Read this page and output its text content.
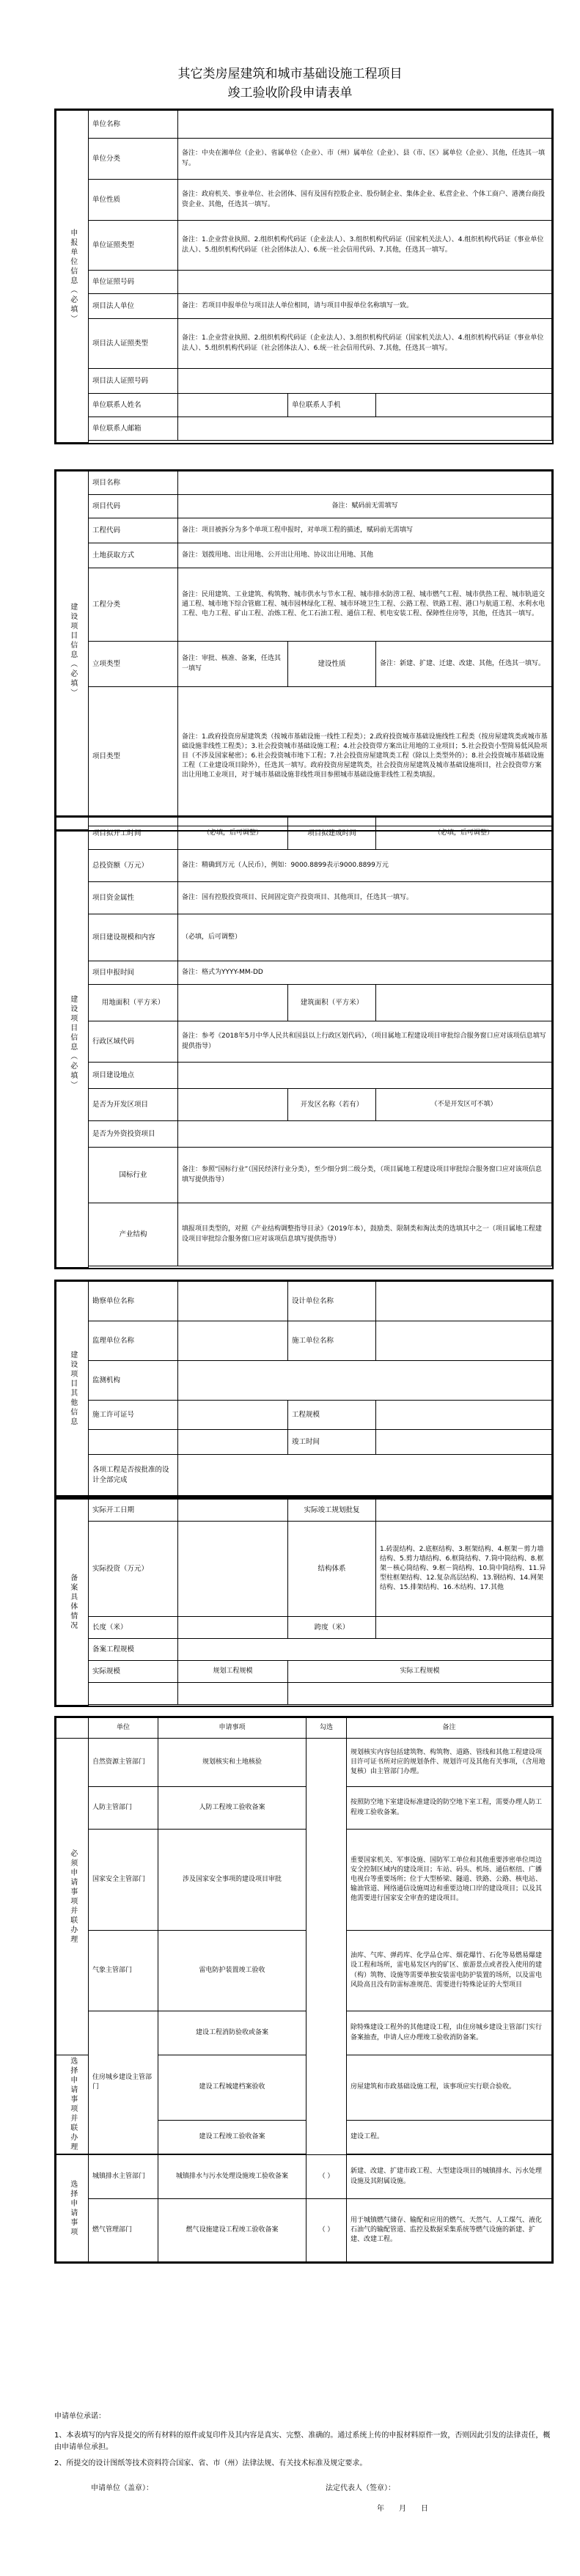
其它类房屋建筑和城市基础设施工程项目
竣工验收阶段申请表单
申报单位信息（必填）	单位名称			
	单位分类	备注：中央在湘单位（企业）、省属单位（企业）、市（州）属单位（企业）、县（市、区）属单位（企业）、其他，任选其一填写。		
	单位性质	备注：政府机关、事业单位、社会团体、国有及国有控股企业、股份制企业、集体企业、私营企业、个体工商户、港澳台商投资企业、其他，任选其一填写。		
	单位证照类型	备注：1.企业营业执照、2.组织机构代码证（企业法人）、3.组织机构代码证（国家机关法人）、4.组织机构代码证（事业单位法人）、5.组织机构代码证（社会团体法人）、6.统一社会信用代码、7.其他，任选其一填写。		
	单位证照号码			
	项目法人单位	备注：若项目申报单位与项目法人单位相同，请与项目申报单位名称填写一致。		
	项目法人证照类型	备注：1.企业营业执照、2.组织机构代码证（企业法人）、3.组织机构代码证（国家机关法人）、4.组织机构代码证（事业单位法人）、5.组织机构代码证（社会团体法人）、6.统一社会信用代码、7.其他，任选其一填写。		
	项目法人证照号码			
	单位联系人姓名		单位联系人手机	
	单位联系人邮箱			

建设项目信息（必填）	项目名称			
	项目代码	备注：赋码前无需填写		
	工程代码	备注：项目被拆分为多个单项工程申报时，对单项工程的描述，赋码前无需填写		
	土地获取方式	备注：划拨用地、出让用地、公开出让用地、协议出让用地、其他		
	工程分类	备注：民用建筑、工业建筑、构筑物、城市供水与节水工程、城市排水防涝工程、城市燃气工程、城市供热工程、城市轨道交通工程、城市地下综合管廊工程、城市园林绿化工程、城市环境卫生工程、公路工程、铁路工程、港口与航道工程、水利水电工程、电力工程、矿山工程、冶炼工程、化工石油工程、通信工程、机电安装工程、保障性住房等，其他，任选其一填写。		
	立项类型	备注：审批、核准、备案，任选其一填写	建设性质	备注：新建、扩建、迁建、改建、其他，任选其一填写。
	项目类型	备注：1.政府投资房屋建筑类（按城市基础设施一线性工程类）；2.政府投资城市基础设施线性工程类（按房屋建筑类或城市基础设施非线性工程类）；3.社会投资城市基础设施工程；4.社会投资带方案出让用地的工业项目；5.社会投资小型简易低风险项目（不涉及国家秘密）；6.社会投资城市地下工程；7.社会投资房屋建筑类工程（除以上类型外的）；8.社会投资城市基础设施工程（工业建设项目除外），任选其一填写。政府投资房屋建筑类，社会投资房屋建筑及城市基础设施项目，社会投资带方案出让用地工业项目，对于城市基础设施非线性项目参照城市基础设施非线性工程类填报。		

建设项目信息（必填）	项目拟开工时间	（必填，后可调整）	项目拟建成时间	（必填，后可调整）
	总投资额（万元）	备注：精确到万元（人民币），例如：9000.8899表示9000.8899万元		
	项目资金属性	备注：国有控股投资项目、民间固定资产投资项目、其他项目，任选其一填写。		
	项目建设规模和内容	（必填，后可调整）		
	项目申报时间	备注：格式为YYYY-MM-DD		
	用地面积（平方米）		建筑面积（平方米）	
	行政区域代码	备注：参考《2018年5月中华人民共和国县以上行政区划代码》，（项目属地工程建设项目审批综合服务窗口应对该项信息填写提供指导）		
	项目建设地点			
	是否为开发区项目		开发区名称（若有）	（不是开发区可不填）
	是否为外资投资项目			
	国标行业	备注：参照“国标行业”（国民经济行业分类），至少细分到二级分类，（项目属地工程建设项目审批综合服务窗口应对该项信息填写提供指导）		
	产业结构	填报项目类型的，对照《产业结构调整指导目录》（2019年本），鼓励类、限制类和淘汰类的选填其中之一（项目属地工程建设项目审批综合服务窗口应对该项信息填写提供指导）		

建设项目其他信息	勘察单位名称		设计单位名称	
	监理单位名称		施工单位名称	
	监测机构			
	施工许可证号		工程规模	
			竣工时间	
	各项工程是否按批准的设计全部完成			
备案具体情况	实际开工日期		实际竣工规划批复	
	实际投资（万元）		结构体系	1.砖混结构、2.底框结构、3.框架结构、4.框架－剪力墙结构、5.剪力墙结构、6.框筒结构、7.筒中筒结构、8.框架－核心筒结构、9.框－筒结构、10.筒中筒结构、11.异型柱框架结构、12.复杂高层结构、13.钢结构、14.网架结构、15.排架结构、16.木结构、17.其他
	长度（米）		跨度（米）	
	备案工程规模			
	实际规模	规划工程规模	实际工程规模	

	单位	申请事项	勾选	备注
必须申请事项并联办理	自然资源主管部门	规划核实和土地核验		规划核实内容包括建筑物、构筑物、道路、管线和其他工程建设项目许可证书所对应的规划条件、规划许可及其他有关事项，（含用地复核）由主管部门办理。
	人防主管部门	人防工程竣工验收备案		按照防空地下室建设标准建设的防空地下室工程，需要办理人防工程竣工验收备案。
	国家安全主管部门	涉及国家安全事项的建设项目审批		重要国家机关、军事设施、国防军工单位和其他重要涉密单位周边安全控制区域内的建设项目；车站、码头、机场、通信枢纽、广播电视台等重要场所；位于大型桥梁、隧道、铁路、公路、核电站、输油管道、网络通信设施周边和重要边境口岸的建设项目；以及其他需要进行国家安全审查的建设项目。
	气象主管部门	雷电防护装置竣工验收		油库、气库、弹药库、化学品仓库、烟花爆竹、石化等易燃易爆建设工程和场所，雷电易发区内的矿区、旅游景点或者投入使用的建（构）筑物、设施等需要单独安装雷电防护装置的场所，以及雷电风险高且没有防雷标准规范、需要进行特殊论证的大型项目
	住房城乡建设主管部门	建设工程消防验收或备案		除特殊建设工程外的其他建设工程，由住房城乡建设主管部门实行备案抽查，申请人应办理竣工验收消防备案。
选择申请事项并联办理		建设工程城建档案验收		房屋建筑和市政基础设施工程，该事项应实行联合验收。
		建设工程竣工验收备案		建设工程。

选择申请事项	城镇排水主管部门	城镇排水与污水处理设施竣工验收备案	（ ）	新建、改建、扩建市政工程、大型建设项目的城镇排水、污水处理设施及其附属设施。
	燃气管理部门	燃气设施建设工程竣工验收备案	（ ）	用于城镇燃气储存、输配和应用的燃气、天然气、人工煤气、液化石油气的输配管道、监控及数据采集系统等燃气设施的新建、扩建、改建工程。
申请单位承诺：
1、本表填写的内容及提交的所有材料的原件或复印件及其内容是真实、完整、准确的。通过系统上传的申报材料原件一致，否则因此引发的法律责任，概由申请单位承担。
2、所提交的设计图纸等技术资料符合国家、省、市（州）法律法规、有关技术标准及规定要求。
申请单位（盖章）：	法定代表人（签章）：
年　　月　　日
